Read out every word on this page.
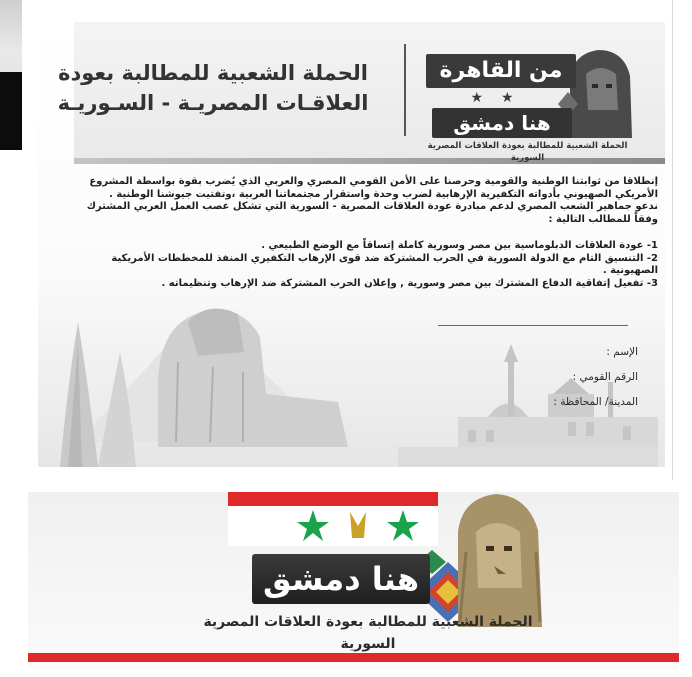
الحملة الشعبية للمطالبة بعودة
العلاقـات المصريـة - السـوريـة
من القاهرة
★★
هنا دمشق
الحملة الشعبية للمطالبة بعودة العلاقات المصرية السورية

إنطلاقا من ثوابتنا الوطنية والقومية وحرصنا على الأمن القومي المصري والعربي الذي يُضرب بقوة بواسطة المشروع الأمريكي الصهيوني بأدواته التكفيرية الإرهابية لضرب وحدة واستقرار مجتمعاتنا العربية ،وتفتيت جيوشنا الوطنية .

ندعو جماهير الشعب المصري لدعم مبادرة عودة العلاقات المصرية - السورية التي تشكل عصب العمل العربي المشترك وفقاً للمطالب التالية :

1- عودة العلاقات الدبلوماسية بين مصر وسورية كاملة إتساقاً مع الوضع الطبيعي .
2- التنسيق التام مع الدولة السورية في الحرب المشتركة ضد قوى الإرهاب التكفيري المنفذ للمخططات الأمريكية الصهيونية .
3- تفعيل إتفاقية الدفاع المشترك بين مصر وسورية , وإعلان الحرب المشتركة ضد الإرهاب وتنظيماته .
الإسم :
الرقم القومي :
المدينة/ المحافظة :
هنا دمشق
الحملة الشعبية للمطالبة بعودة العلاقات المصرية السورية
